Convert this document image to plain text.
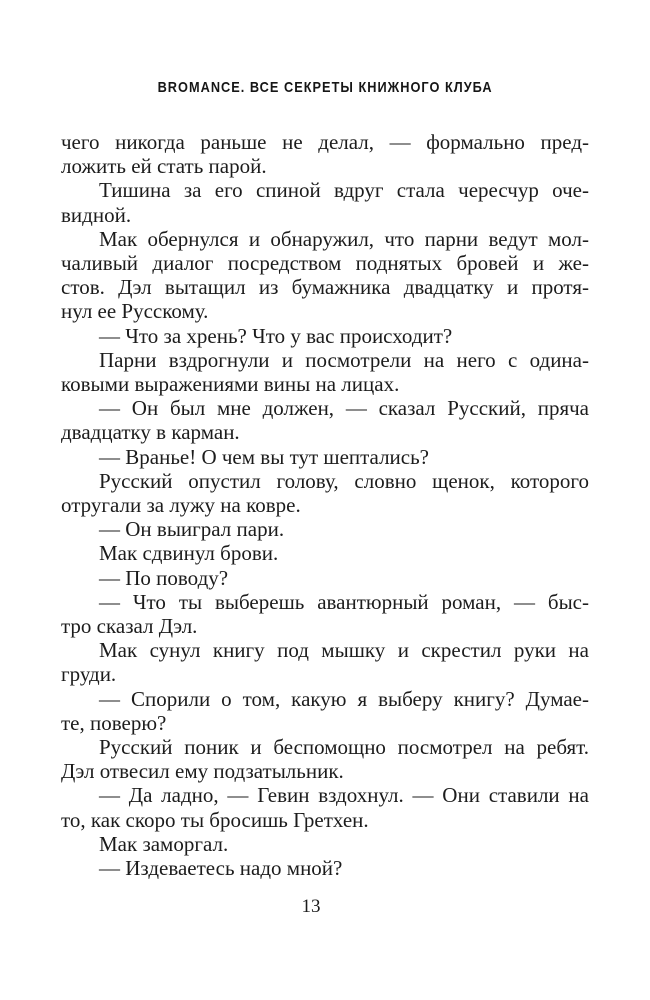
BROMANCE. ВСЕ СЕКРЕТЫ КНИЖНОГО КЛУБА
чего никогда раньше не делал, — формально пред-
ложить ей стать парой.
Тишина за его спиной вдруг стала чересчур оче-
видной.
Мак обернулся и обнаружил, что парни ведут мол-
чаливый диалог посредством поднятых бровей и же-
стов. Дэл вытащил из бумажника двадцатку и протя-
нул ее Русскому.
— Что за хрень? Что у вас происходит?
Парни вздрогнули и посмотрели на него с одина-
ковыми выражениями вины на лицах.
— Он был мне должен, — сказал Русский, пряча
двадцатку в карман.
— Вранье! О чем вы тут шептались?
Русский опустил голову, словно щенок, которого
отругали за лужу на ковре.
— Он выиграл пари.
Мак сдвинул брови.
— По поводу?
— Что ты выберешь авантюрный роман, — быс-
тро сказал Дэл.
Мак сунул книгу под мышку и скрестил руки на
груди.
— Спорили о том, какую я выберу книгу? Думае-
те, поверю?
Русский поник и беспомощно посмотрел на ребят.
Дэл отвесил ему подзатыльник.
— Да ладно, — Гевин вздохнул. — Они ставили на
то, как скоро ты бросишь Гретхен.
Мак заморгал.
— Издеваетесь надо мной?
13
